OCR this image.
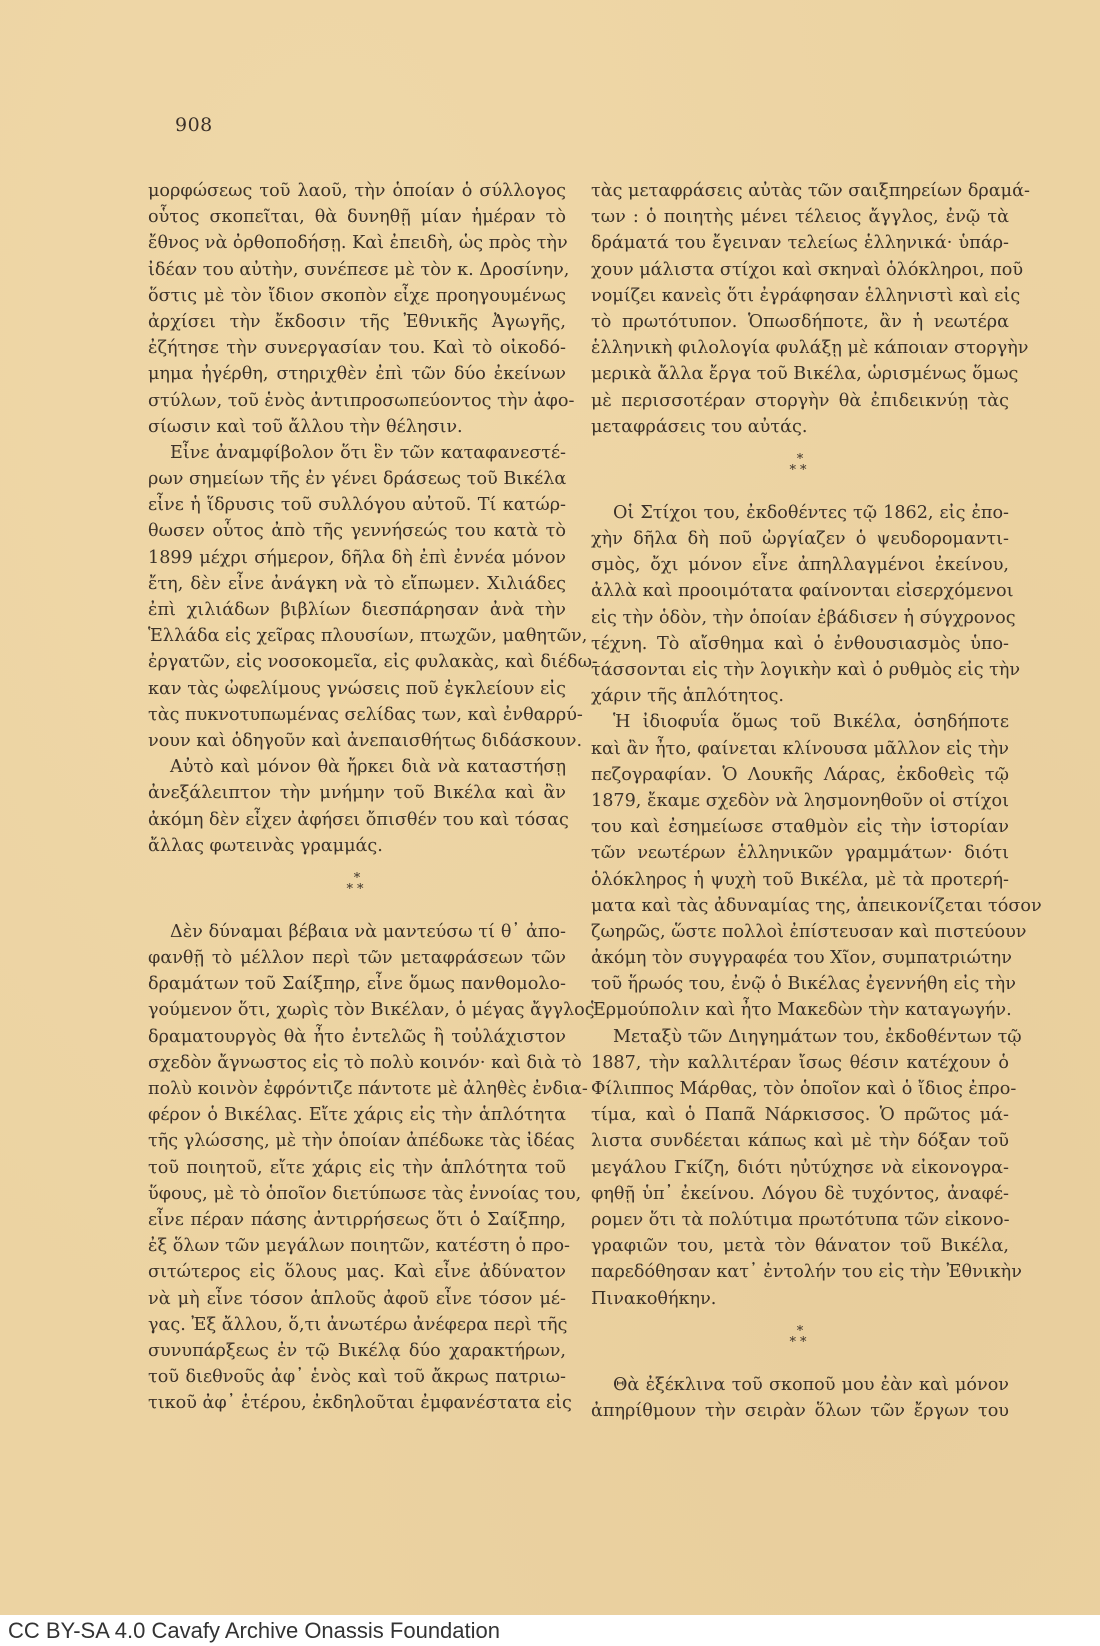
908
μορφώσεως τοῦ λαοῦ, τὴν ὁποίαν ὁ σύλλογος
οὗτος σκοπεῖται, θὰ δυνηθῇ μίαν ἡμέραν τὸ
ἔθνος νὰ ὀρθοποδήσῃ. Καὶ ἐπειδὴ, ὡς πρὸς τὴν
ἰδέαν του αὐτὴν, συνέπεσε μὲ τὸν κ. Δροσίνην,
ὅστις μὲ τὸν ἴδιον σκοπὸν εἶχε προηγουμένως
ἀρχίσει τὴν ἔκδοσιν τῆς Ἐθνικῆς Ἀγωγῆς,
ἐζήτησε τὴν συνεργασίαν του. Καὶ τὸ οἰκοδό-
μημα ἠγέρθη, στηριχθὲν ἐπὶ τῶν δύο ἐκείνων
στύλων, τοῦ ἑνὸς ἀντιπροσωπεύοντος τὴν ἀφο-
σίωσιν καὶ τοῦ ἄλλου τὴν θέλησιν.
Εἶνε ἀναμφίβολον ὅτι ἓν τῶν καταφανεστέ-
ρων σημείων τῆς ἐν γένει δράσεως τοῦ Βικέλα
εἶνε ἡ ἵδρυσις τοῦ συλλόγου αὐτοῦ. Τί κατώρ-
θωσεν οὗτος ἀπὸ τῆς γεννήσεώς του κατὰ τὸ
1899 μέχρι σήμερον, δῆλα δὴ ἐπὶ ἐννέα μόνον
ἔτη, δὲν εἶνε ἀνάγκη νὰ τὸ εἴπωμεν. Χιλιάδες
ἐπὶ χιλιάδων βιβλίων διεσπάρησαν ἀνὰ τὴν
Ἑλλάδα εἰς χεῖρας πλουσίων, πτωχῶν, μαθητῶν,
ἐργατῶν, εἰς νοσοκομεῖα, εἰς φυλακὰς, καὶ διέδω-
καν τὰς ὠφελίμους γνώσεις ποῦ ἐγκλείουν εἰς
τὰς πυκνοτυπωμένας σελίδας των, καὶ ἐνθαρρύ-
νουν καὶ ὁδηγοῦν καὶ ἀνεπαισθήτως διδάσκουν.
Αὐτὸ καὶ μόνον θὰ ἤρκει διὰ νὰ καταστήσῃ
ἀνεξάλειπτον τὴν μνήμην τοῦ Βικέλα καὶ ἂν
ἀκόμη δὲν εἶχεν ἀφήσει ὄπισθέν του καὶ τόσας
ἄλλας φωτεινὰς γραμμάς.
*
**
Δὲν δύναμαι βέβαια νὰ μαντεύσω τί θ᾽ ἀπο-
φανθῇ τὸ μέλλον περὶ τῶν μεταφράσεων τῶν
δραμάτων τοῦ Σαίξπηρ, εἶνε ὅμως πανθομολο-
γούμενον ὅτι, χωρὶς τὸν Βικέλαν, ὁ μέγας ἄγγλος
δραματουργὸς θὰ ἦτο ἐντελῶς ἢ τοὐλάχιστον
σχεδὸν ἄγνωστος εἰς τὸ πολὺ κοινόν· καὶ διὰ τὸ
πολὺ κοινὸν ἐφρόντιζε πάντοτε μὲ ἀληθὲς ἐνδια-
φέρον ὁ Βικέλας. Εἴτε χάρις εἰς τὴν ἁπλότητα
τῆς γλώσσης, μὲ τὴν ὁποίαν ἀπέδωκε τὰς ἰδέας
τοῦ ποιητοῦ, εἴτε χάρις εἰς τὴν ἁπλότητα τοῦ
ὕφους, μὲ τὸ ὁποῖον διετύπωσε τὰς ἐννοίας του,
εἶνε πέραν πάσης ἀντιρρήσεως ὅτι ὁ Σαίξπηρ,
ἐξ ὅλων τῶν μεγάλων ποιητῶν, κατέστη ὁ προ-
σιτώτερος εἰς ὅλους μας. Καὶ εἶνε ἀδύνατον
νὰ μὴ εἶνε τόσον ἁπλοῦς ἀφοῦ εἶνε τόσον μέ-
γας. Ἐξ ἄλλου, ὅ,τι ἀνωτέρω ἀνέφερα περὶ τῆς
συνυπάρξεως ἐν τῷ Βικέλᾳ δύο χαρακτήρων,
τοῦ διεθνοῦς ἀφ᾽ ἑνὸς καὶ τοῦ ἄκρως πατριω-
τικοῦ ἀφ᾽ ἑτέρου, ἐκδηλοῦται ἐμφανέστατα εἰς
τὰς μεταφράσεις αὐτὰς τῶν σαιξπηρείων δραμά-
των : ὁ ποιητὴς μένει τέλειος ἄγγλος, ἐνῷ τὰ
δράματά του ἔγειναν τελείως ἑλληνικά· ὑπάρ-
χουν μάλιστα στίχοι καὶ σκηναὶ ὁλόκληροι, ποῦ
νομίζει κανεὶς ὅτι ἐγράφησαν ἑλληνιστὶ καὶ εἰς
τὸ πρωτότυπον. Ὁπωσδήποτε, ἂν ἡ νεωτέρα
ἑλληνικὴ φιλολογία φυλάξῃ μὲ κάποιαν στοργὴν
μερικὰ ἄλλα ἔργα τοῦ Βικέλα, ὡρισμένως ὅμως
μὲ περισσοτέραν στοργὴν θὰ ἐπιδεικνύῃ τὰς
μεταφράσεις του αὐτάς.
*
**
Οἱ Στίχοι του, ἐκδοθέντες τῷ 1862, εἰς ἐπο-
χὴν δῆλα δὴ ποῦ ὠργίαζεν ὁ ψευδορομαντι-
σμὸς, ὄχι μόνον εἶνε ἀπηλλαγμένοι ἐκείνου,
ἀλλὰ καὶ προοιμότατα φαίνονται εἰσερχόμενοι
εἰς τὴν ὁδὸν, τὴν ὁποίαν ἐβάδισεν ἡ σύγχρονος
τέχνη. Τὸ αἴσθημα καὶ ὁ ἐνθουσιασμὸς ὑπο-
τάσσονται εἰς τὴν λογικὴν καὶ ὁ ρυθμὸς εἰς τὴν
χάριν τῆς ἁπλότητος.
Ἡ ἰδιοφυΐα ὅμως τοῦ Βικέλα, ὁσηδήποτε
καὶ ἂν ἦτο, φαίνεται κλίνουσα μᾶλλον εἰς τὴν
πεζογραφίαν. Ὁ Λουκῆς Λάρας, ἐκδοθεὶς τῷ
1879, ἔκαμε σχεδὸν νὰ λησμονηθοῦν οἱ στίχοι
του καὶ ἐσημείωσε σταθμὸν εἰς τὴν ἱστορίαν
τῶν νεωτέρων ἑλληνικῶν γραμμάτων· διότι
ὁλόκληρος ἡ ψυχὴ τοῦ Βικέλα, μὲ τὰ προτερή-
ματα καὶ τὰς ἀδυναμίας της, ἀπεικονίζεται τόσον
ζωηρῶς, ὥστε πολλοὶ ἐπίστευσαν καὶ πιστεύουν
ἀκόμη τὸν συγγραφέα του Χῖον, συμπατριώτην
τοῦ ἥρωός του, ἐνῷ ὁ Βικέλας ἐγεννήθη εἰς τὴν
Ἑρμούπολιν καὶ ἦτο Μακεδὼν τὴν καταγωγήν.
Μεταξὺ τῶν Διηγημάτων του, ἐκδοθέντων τῷ
1887, τὴν καλλιτέραν ἴσως θέσιν κατέχουν ὁ
Φίλιππος Μάρθας, τὸν ὁποῖον καὶ ὁ ἴδιος ἐπρο-
τίμα, καὶ ὁ Παπᾶ Νάρκισσος. Ὁ πρῶτος μά-
λιστα συνδέεται κάπως καὶ μὲ τὴν δόξαν τοῦ
μεγάλου Γκίζη, διότι ηὐτύχησε νὰ εἰκονογρα-
φηθῇ ὑπ᾽ ἐκείνου. Λόγου δὲ τυχόντος, ἀναφέ-
ρομεν ὅτι τὰ πολύτιμα πρωτότυπα τῶν εἰκονο-
γραφιῶν του, μετὰ τὸν θάνατον τοῦ Βικέλα,
παρεδόθησαν κατ᾽ ἐντολήν του εἰς τὴν Ἐθνικὴν
Πινακοθήκην.
*
**
Θὰ ἐξέκλινα τοῦ σκοποῦ μου ἐὰν καὶ μόνον
ἀπηρίθμουν τὴν σειρὰν ὅλων τῶν ἔργων του
CC BY-SA 4.0 Cavafy Archive Onassis Foundation
